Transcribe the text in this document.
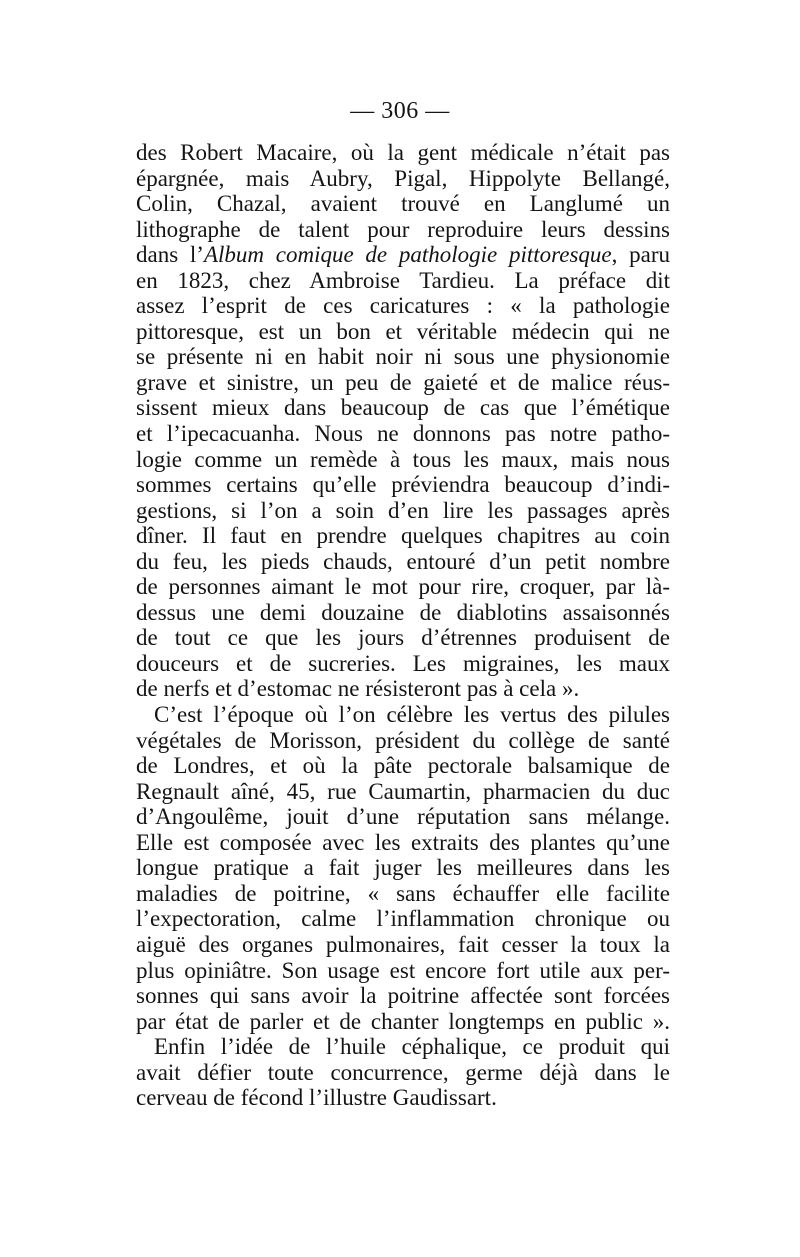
— 306 —
des Robert Macaire, où la gent médicale n’était pas
épargnée, mais Aubry, Pigal, Hippolyte Bellangé,
Colin, Chazal, avaient trouvé en Langlumé un
lithographe de talent pour reproduire leurs dessins
dans l’Album comique de pathologie pittoresque, paru
en 1823, chez Ambroise Tardieu. La préface dit
assez l’esprit de ces caricatures : « la pathologie
pittoresque, est un bon et véritable médecin qui ne
se présente ni en habit noir ni sous une physionomie
grave et sinistre, un peu de gaieté et de malice réus-
sissent mieux dans beaucoup de cas que l’émétique
et l’ipecacuanha. Nous ne donnons pas notre patho-
logie comme un remède à tous les maux, mais nous
sommes certains qu’elle préviendra beaucoup d’indi-
gestions, si l’on a soin d’en lire les passages après
dîner. Il faut en prendre quelques chapitres au coin
du feu, les pieds chauds, entouré d’un petit nombre
de personnes aimant le mot pour rire, croquer, par là-
dessus une demi douzaine de diablotins assaisonnés
de tout ce que les jours d’étrennes produisent de
douceurs et de sucreries. Les migraines, les maux
de nerfs et d’estomac ne résisteront pas à cela ».
C’est l’époque où l’on célèbre les vertus des pilules
végétales de Morisson, président du collège de santé
de Londres, et où la pâte pectorale balsamique de
Regnault aîné, 45, rue Caumartin, pharmacien du duc
d’Angoulême, jouit d’une réputation sans mélange.
Elle est composée avec les extraits des plantes qu’une
longue pratique a fait juger les meilleures dans les
maladies de poitrine, « sans échauffer elle facilite
l’expectoration, calme l’inflammation chronique ou
aiguë des organes pulmonaires, fait cesser la toux la
plus opiniâtre. Son usage est encore fort utile aux per-
sonnes qui sans avoir la poitrine affectée sont forcées
par état de parler et de chanter longtemps en public ».
Enfin l’idée de l’huile céphalique, ce produit qui
avait défier toute concurrence, germe déjà dans le
cerveau de fécond l’illustre Gaudissart.
